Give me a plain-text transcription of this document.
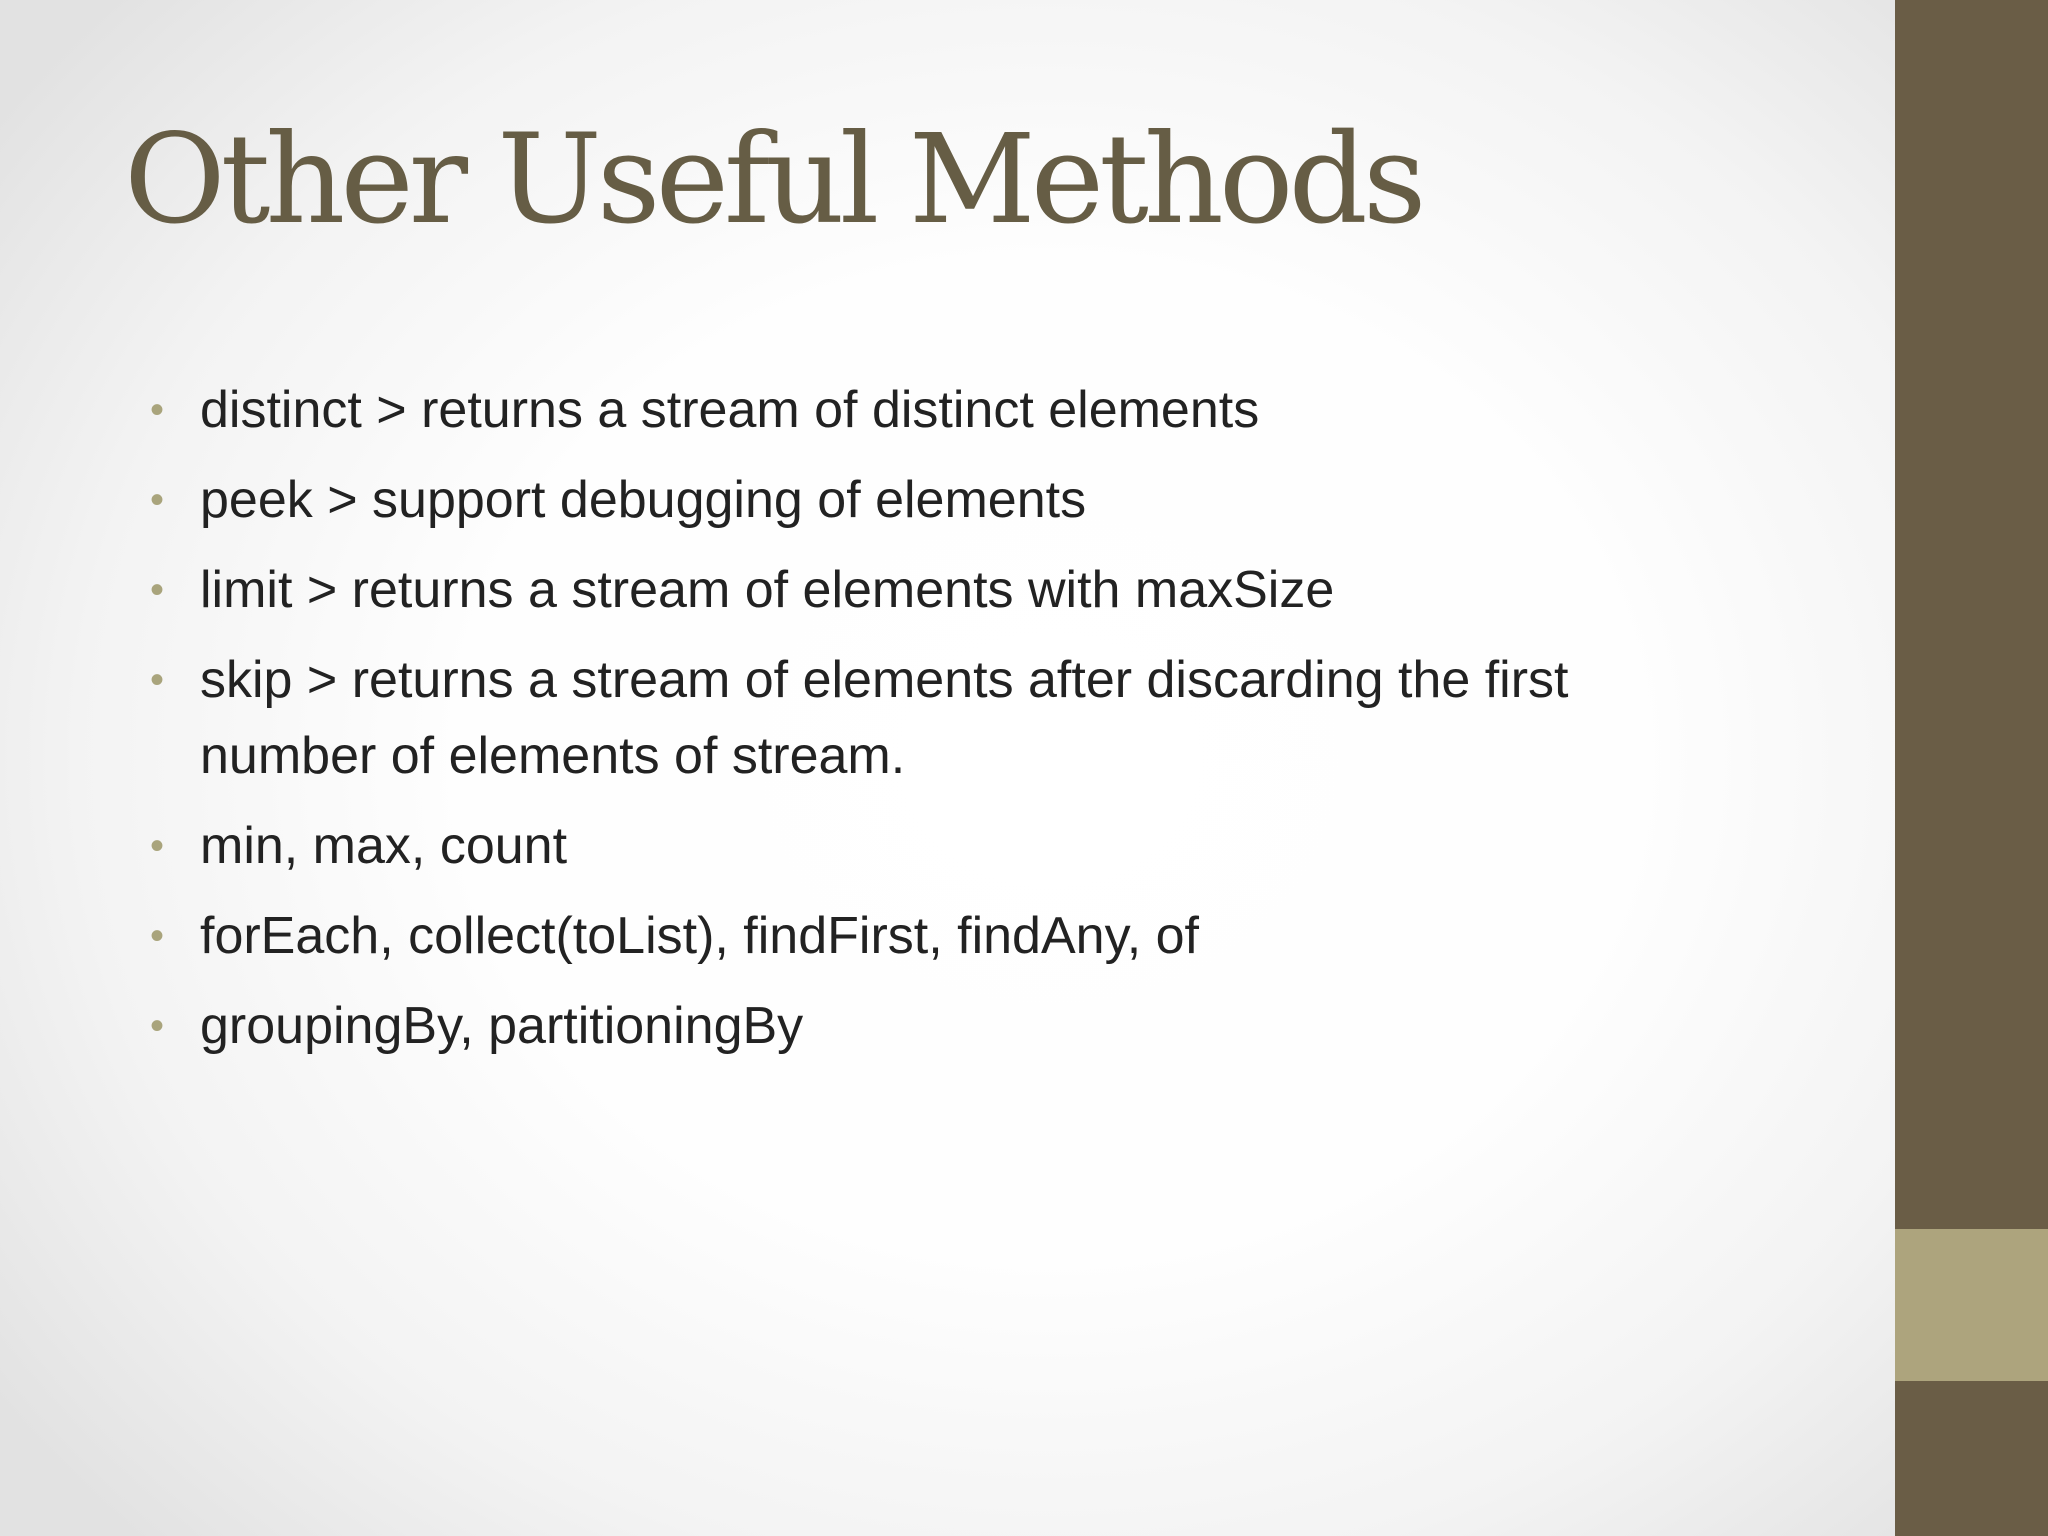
Other Useful Methods
• distinct > returns a stream of distinct elements
• peek > support debugging of elements
• limit > returns a stream of elements with maxSize
• skip > returns a stream of elements after discarding the first number of elements of stream.
• min, max, count
• forEach, collect(toList), findFirst, findAny, of
• groupingBy, partitioningBy
